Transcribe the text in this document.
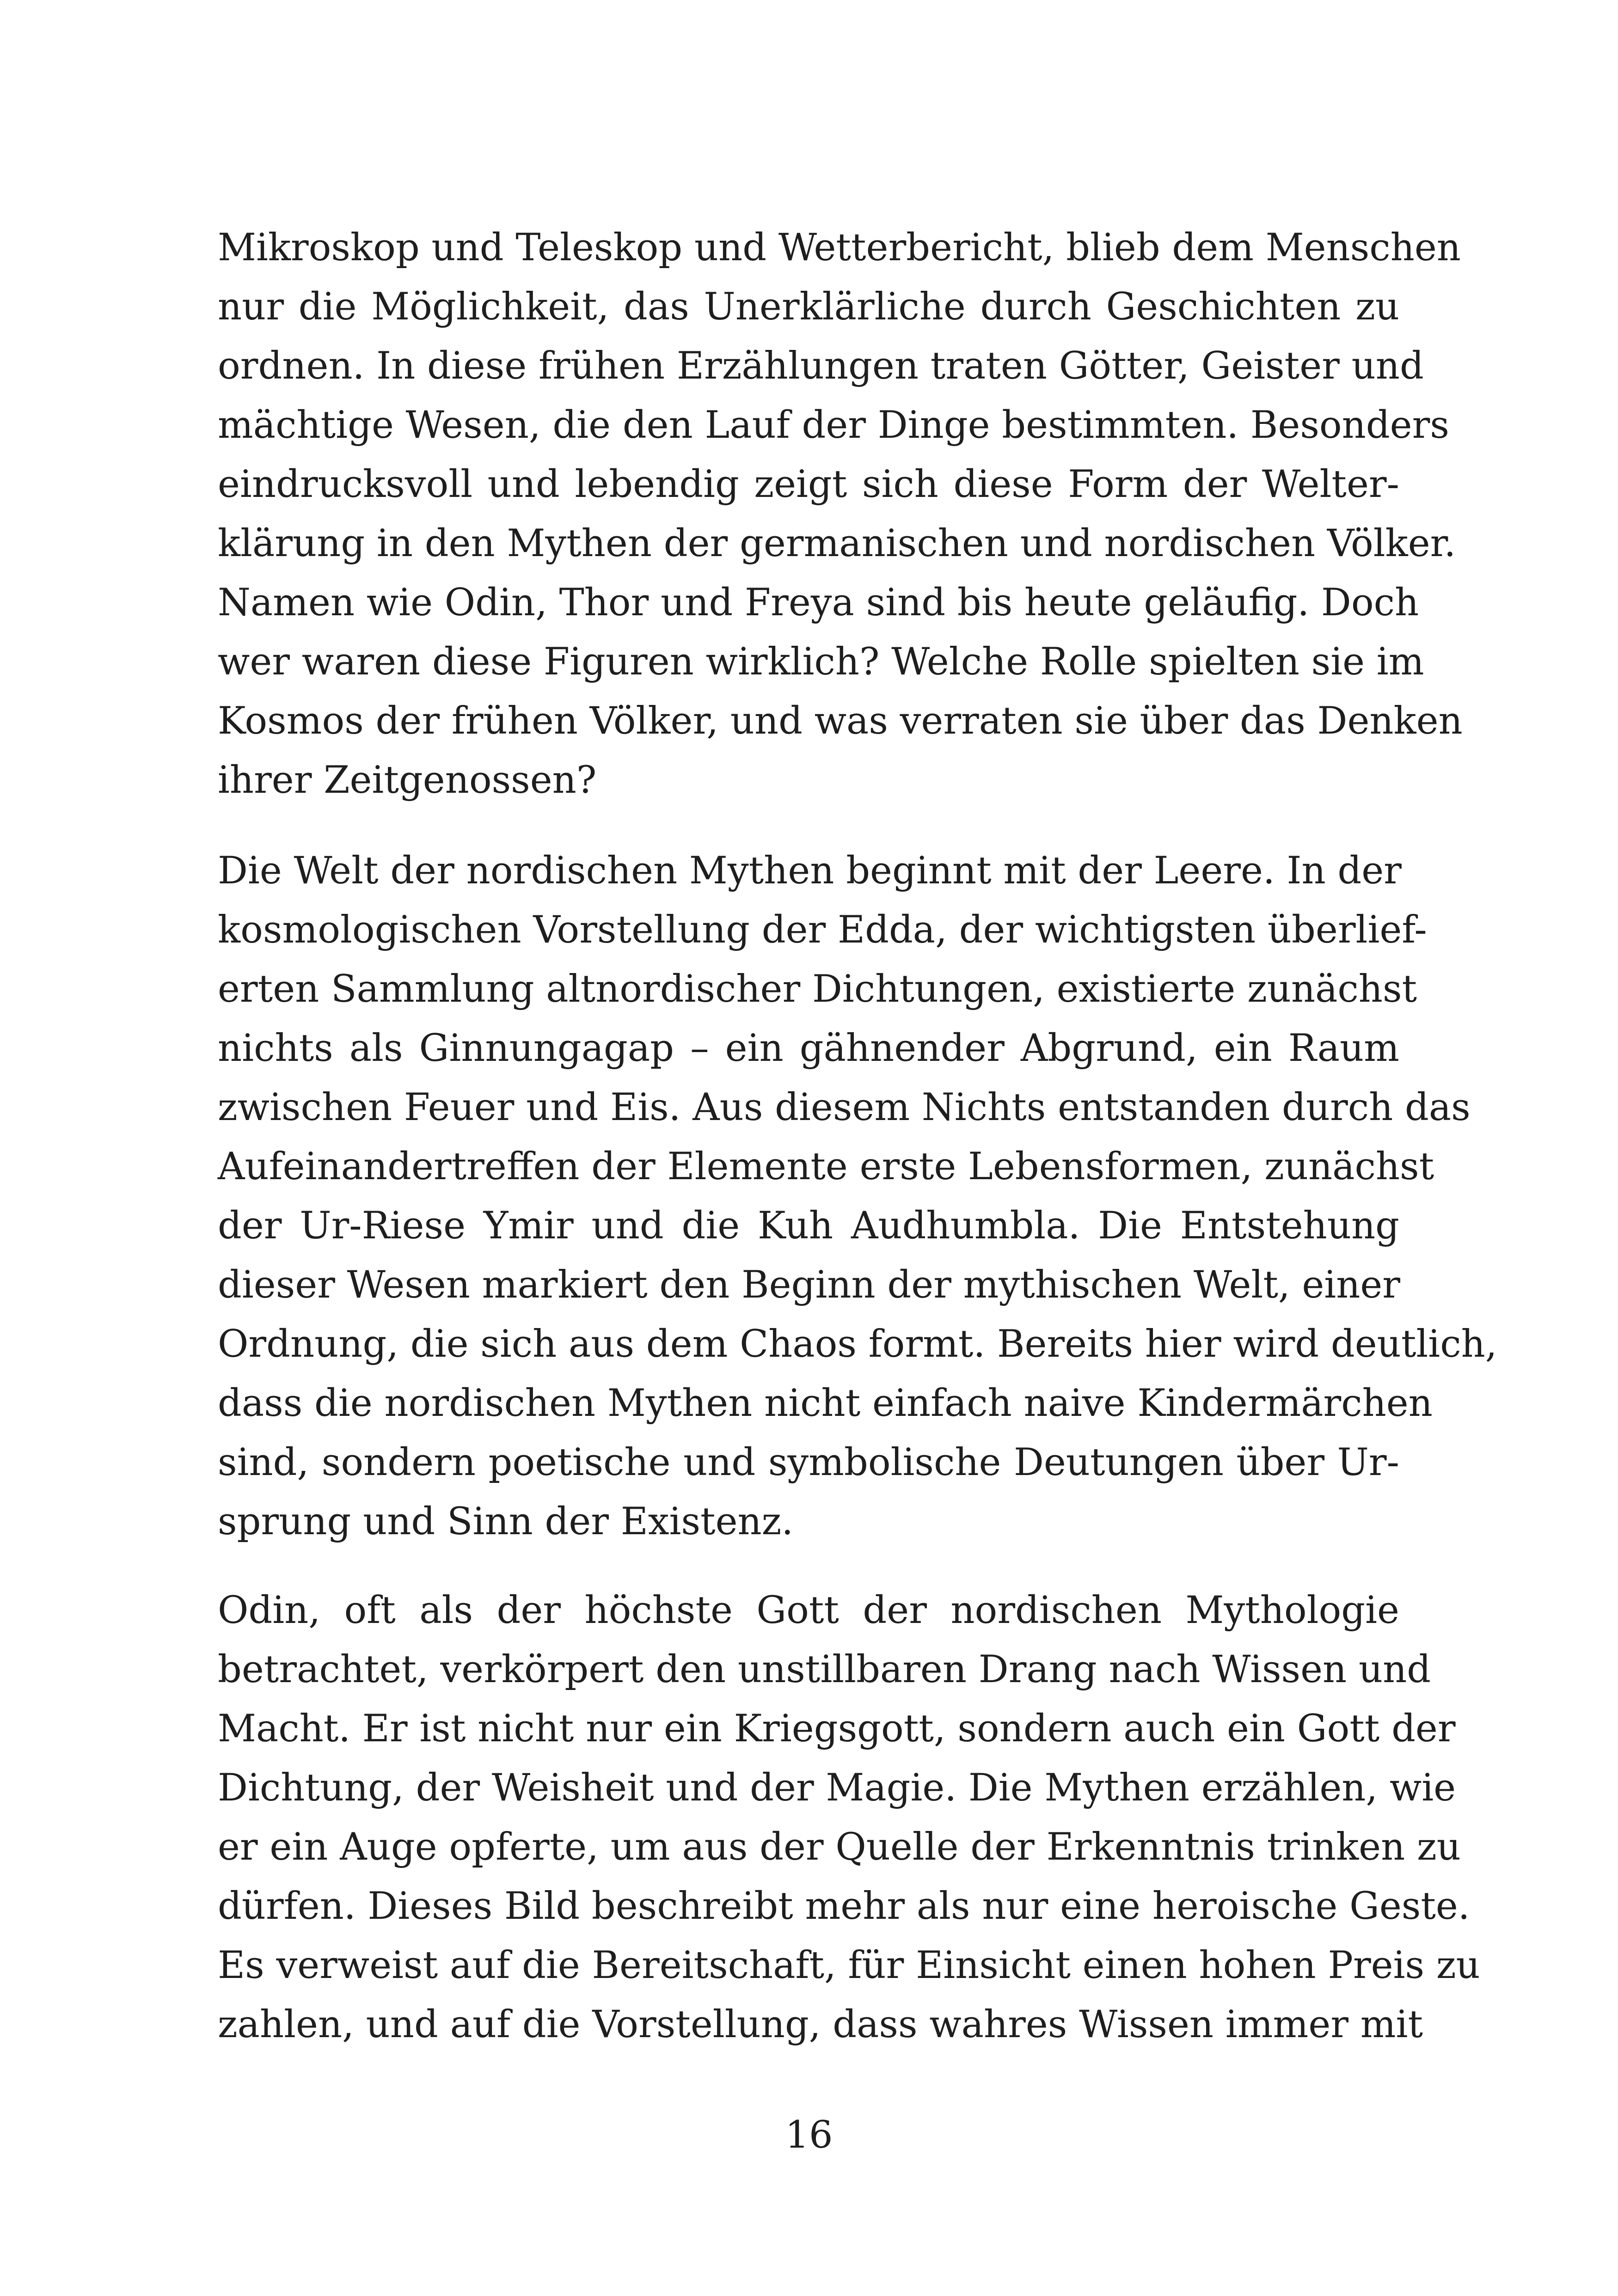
Mikroskop und Teleskop und Wetterbericht, blieb dem Menschen
nur die Möglichkeit, das Unerklärliche durch Geschichten zu
ordnen. In diese frühen Erzählungen traten Götter, Geister und
mächtige Wesen, die den Lauf der Dinge bestimmten. Besonders
eindrucksvoll und lebendig zeigt sich diese Form der Welter-
klärung in den Mythen der germanischen und nordischen Völker.
Namen wie Odin, Thor und Freya sind bis heute geläufig. Doch
wer waren diese Figuren wirklich? Welche Rolle spielten sie im
Kosmos der frühen Völker, und was verraten sie über das Denken
ihrer Zeitgenossen?
Die Welt der nordischen Mythen beginnt mit der Leere. In der
kosmologischen Vorstellung der Edda, der wichtigsten überlief-
erten Sammlung altnordischer Dichtungen, existierte zunächst
nichts als Ginnungagap – ein gähnender Abgrund, ein Raum
zwischen Feuer und Eis. Aus diesem Nichts entstanden durch das
Aufeinandertreffen der Elemente erste Lebensformen, zunächst
der Ur-Riese Ymir und die Kuh Audhumbla. Die Entstehung
dieser Wesen markiert den Beginn der mythischen Welt, einer
Ordnung, die sich aus dem Chaos formt. Bereits hier wird deutlich,
dass die nordischen Mythen nicht einfach naive Kindermärchen
sind, sondern poetische und symbolische Deutungen über Ur-
sprung und Sinn der Existenz.
Odin, oft als der höchste Gott der nordischen Mythologie
betrachtet, verkörpert den unstillbaren Drang nach Wissen und
Macht. Er ist nicht nur ein Kriegsgott, sondern auch ein Gott der
Dichtung, der Weisheit und der Magie. Die Mythen erzählen, wie
er ein Auge opferte, um aus der Quelle der Erkenntnis trinken zu
dürfen. Dieses Bild beschreibt mehr als nur eine heroische Geste.
Es verweist auf die Bereitschaft, für Einsicht einen hohen Preis zu
zahlen, und auf die Vorstellung, dass wahres Wissen immer mit
16
